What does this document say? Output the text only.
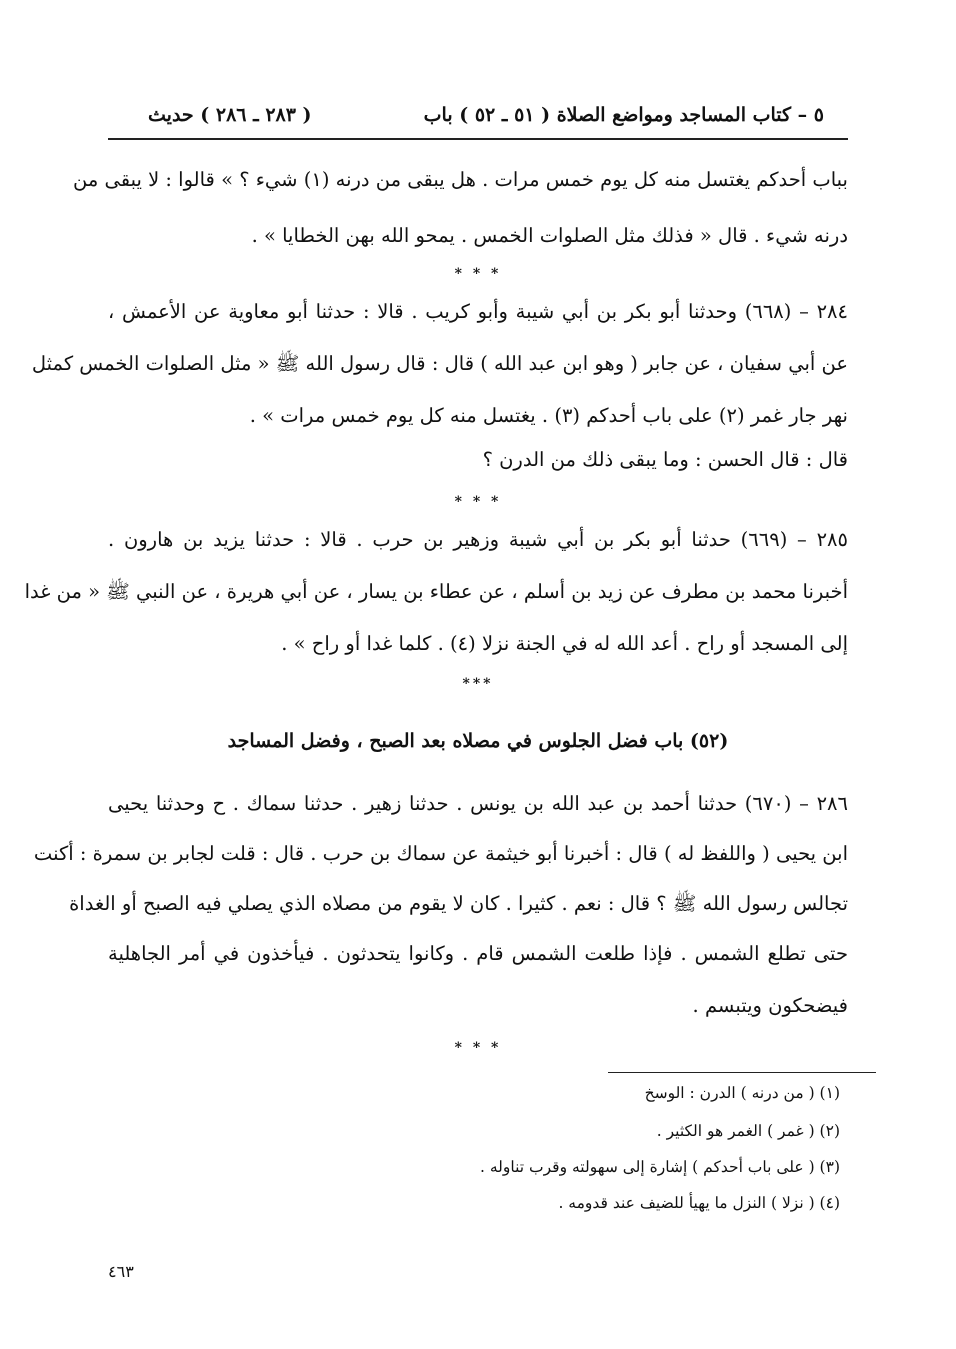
٥ – كتاب المساجد ومواضع الصلاة ( ٥١ ـ ٥٢ ) باب
( ٢٨٣ ـ ٢٨٦ ) حديث
بباب أحدكم يغتسل منه كل يوم خمس مرات . هل يبقى من درنه (١) شيء ؟ » قالوا : لا يبقى من
درنه شيء . قال « فذلك مثل الصلوات الخمس . يمحو الله بهن الخطايا » .
* * *
٢٨٤ – (٦٦٨) وحدثنا أبو بكر بن أبي شيبة وأبو كريب . قالا : حدثنا أبو معاوية عن الأعمش ،
عن أبي سفيان ، عن جابر ( وهو ابن عبد الله ) قال : قال رسول الله ﷺ « مثل الصلوات الخمس كمثل
نهر جار غمر (٢) على باب أحدكم (٣) . يغتسل منه كل يوم خمس مرات » .
قال : قال الحسن : وما يبقى ذلك من الدرن ؟
* * *
٢٨٥ – (٦٦٩) حدثنا أبو بكر بن أبي شيبة وزهير بن حرب . قالا : حدثنا يزيد بن هارون .
أخبرنا محمد بن مطرف عن زيد بن أسلم ، عن عطاء بن يسار ، عن أبي هريرة ، عن النبي ﷺ « من غدا
إلى المسجد أو راح . أعد الله له في الجنة نزلا (٤) . كلما غدا أو راح » .
***
(٥٢) باب فضل الجلوس في مصلاه بعد الصبح ، وفضل المساجد
٢٨٦ – (٦٧٠) حدثنا أحمد بن عبد الله بن يونس . حدثنا زهير . حدثنا سماك . ح وحدثنا يحيى
ابن يحيى ( واللفظ له ) قال : أخبرنا أبو خيثمة عن سماك بن حرب . قال : قلت لجابر بن سمرة : أكنت
تجالس رسول الله ﷺ ؟ قال : نعم . كثيرا . كان لا يقوم من مصلاه الذي يصلي فيه الصبح أو الغداة
حتى تطلع الشمس . فإذا طلعت الشمس قام . وكانوا يتحدثون . فيأخذون في أمر الجاهلية
فيضحكون ويتبسم .
* * *
(١) ( من درنه ) الدرن : الوسخ
(٢) ( غمر ) الغمر هو الكثير .
(٣) ( على باب أحدكم ) إشارة إلى سهولته وقرب تناوله .
(٤) ( نزلا ) النزل ما يهيأ للضيف عند قدومه .
٤٦٣
